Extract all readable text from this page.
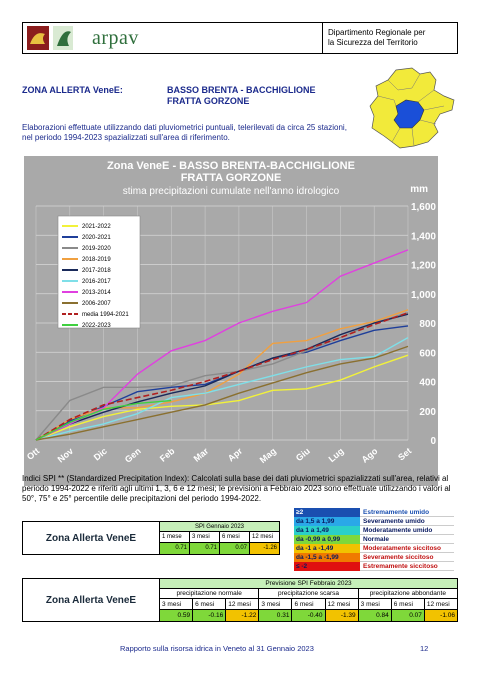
arpav	Dipartimento Regionale per
la Sicurezza del Territorio
ZONA ALLERTA VeneE:	BASSO BRENTA - BACCHIGLIONE
FRATTA GORZONE
Elaborazioni effettuate utilizzando dati pluviometrici puntuali, telerilevati da circa 25 stazioni, nel periodo 1994-2023 spazializzati sull'area di riferimento.
Zona VeneE - BASSO BRENTA-BACCHIGLIONE
FRATTA GORZONE
stima precipitazioni cumulate nell'anno idrologico	mm
0
200
400
600
800
1,000
1,200
1,400
1,600
Ott Nov Dic Gen Feb Mar Apr Mag Giu Lug Ago Set
2021-2022
2020-2021
2019-2020
2018-2019
2017-2018
2016-2017
2013-2014
2006-2007
media 1994-2021
2022-2023
Indici SPI ** (Standardized Precipitation Index): Calcolati sulla base dei dati pluviometrici spazializzati sull'area, relativi al periodo 1994-2022 e riferiti agli ultimi 1, 3, 6 e 12 mesi; le previsioni a Febbraio 2023 sono effettuate utilizzando i valori al 50°, 75° e 25° percentile delle precipitazioni del periodo 1994-2022.
Zona Allerta VeneE
SPI Gennaio 2023
1 mese	3 mesi	6 mesi	12 mesi
0.71	0.71	0.07	-1.26
≥2	Estremamente umido
da 1,5 a 1,99	Severamente umido
da 1 a 1,49	Moderatamente umido
da -0,99 a 0,99	Normale
da -1 a -1,49	Moderatamente siccitoso
da -1,5 a -1,99	Severamente siccitoso
≤ -2	Estremamente siccitoso
Zona Allerta VeneE
Previsione SPI Febbraio 2023
precipitazione normale	precipitazione scarsa	precipitazione abbondante
3 mesi	6 mesi	12 mesi	3 mesi	6 mesi	12 mesi	3 mesi	6 mesi	12 mesi
0.59	-0.16	-1.22	0.31	-0.40	-1.39	0.84	0.07	-1.06
Rapporto sulla risorsa idrica in Veneto al 31 Gennaio 2023	12
